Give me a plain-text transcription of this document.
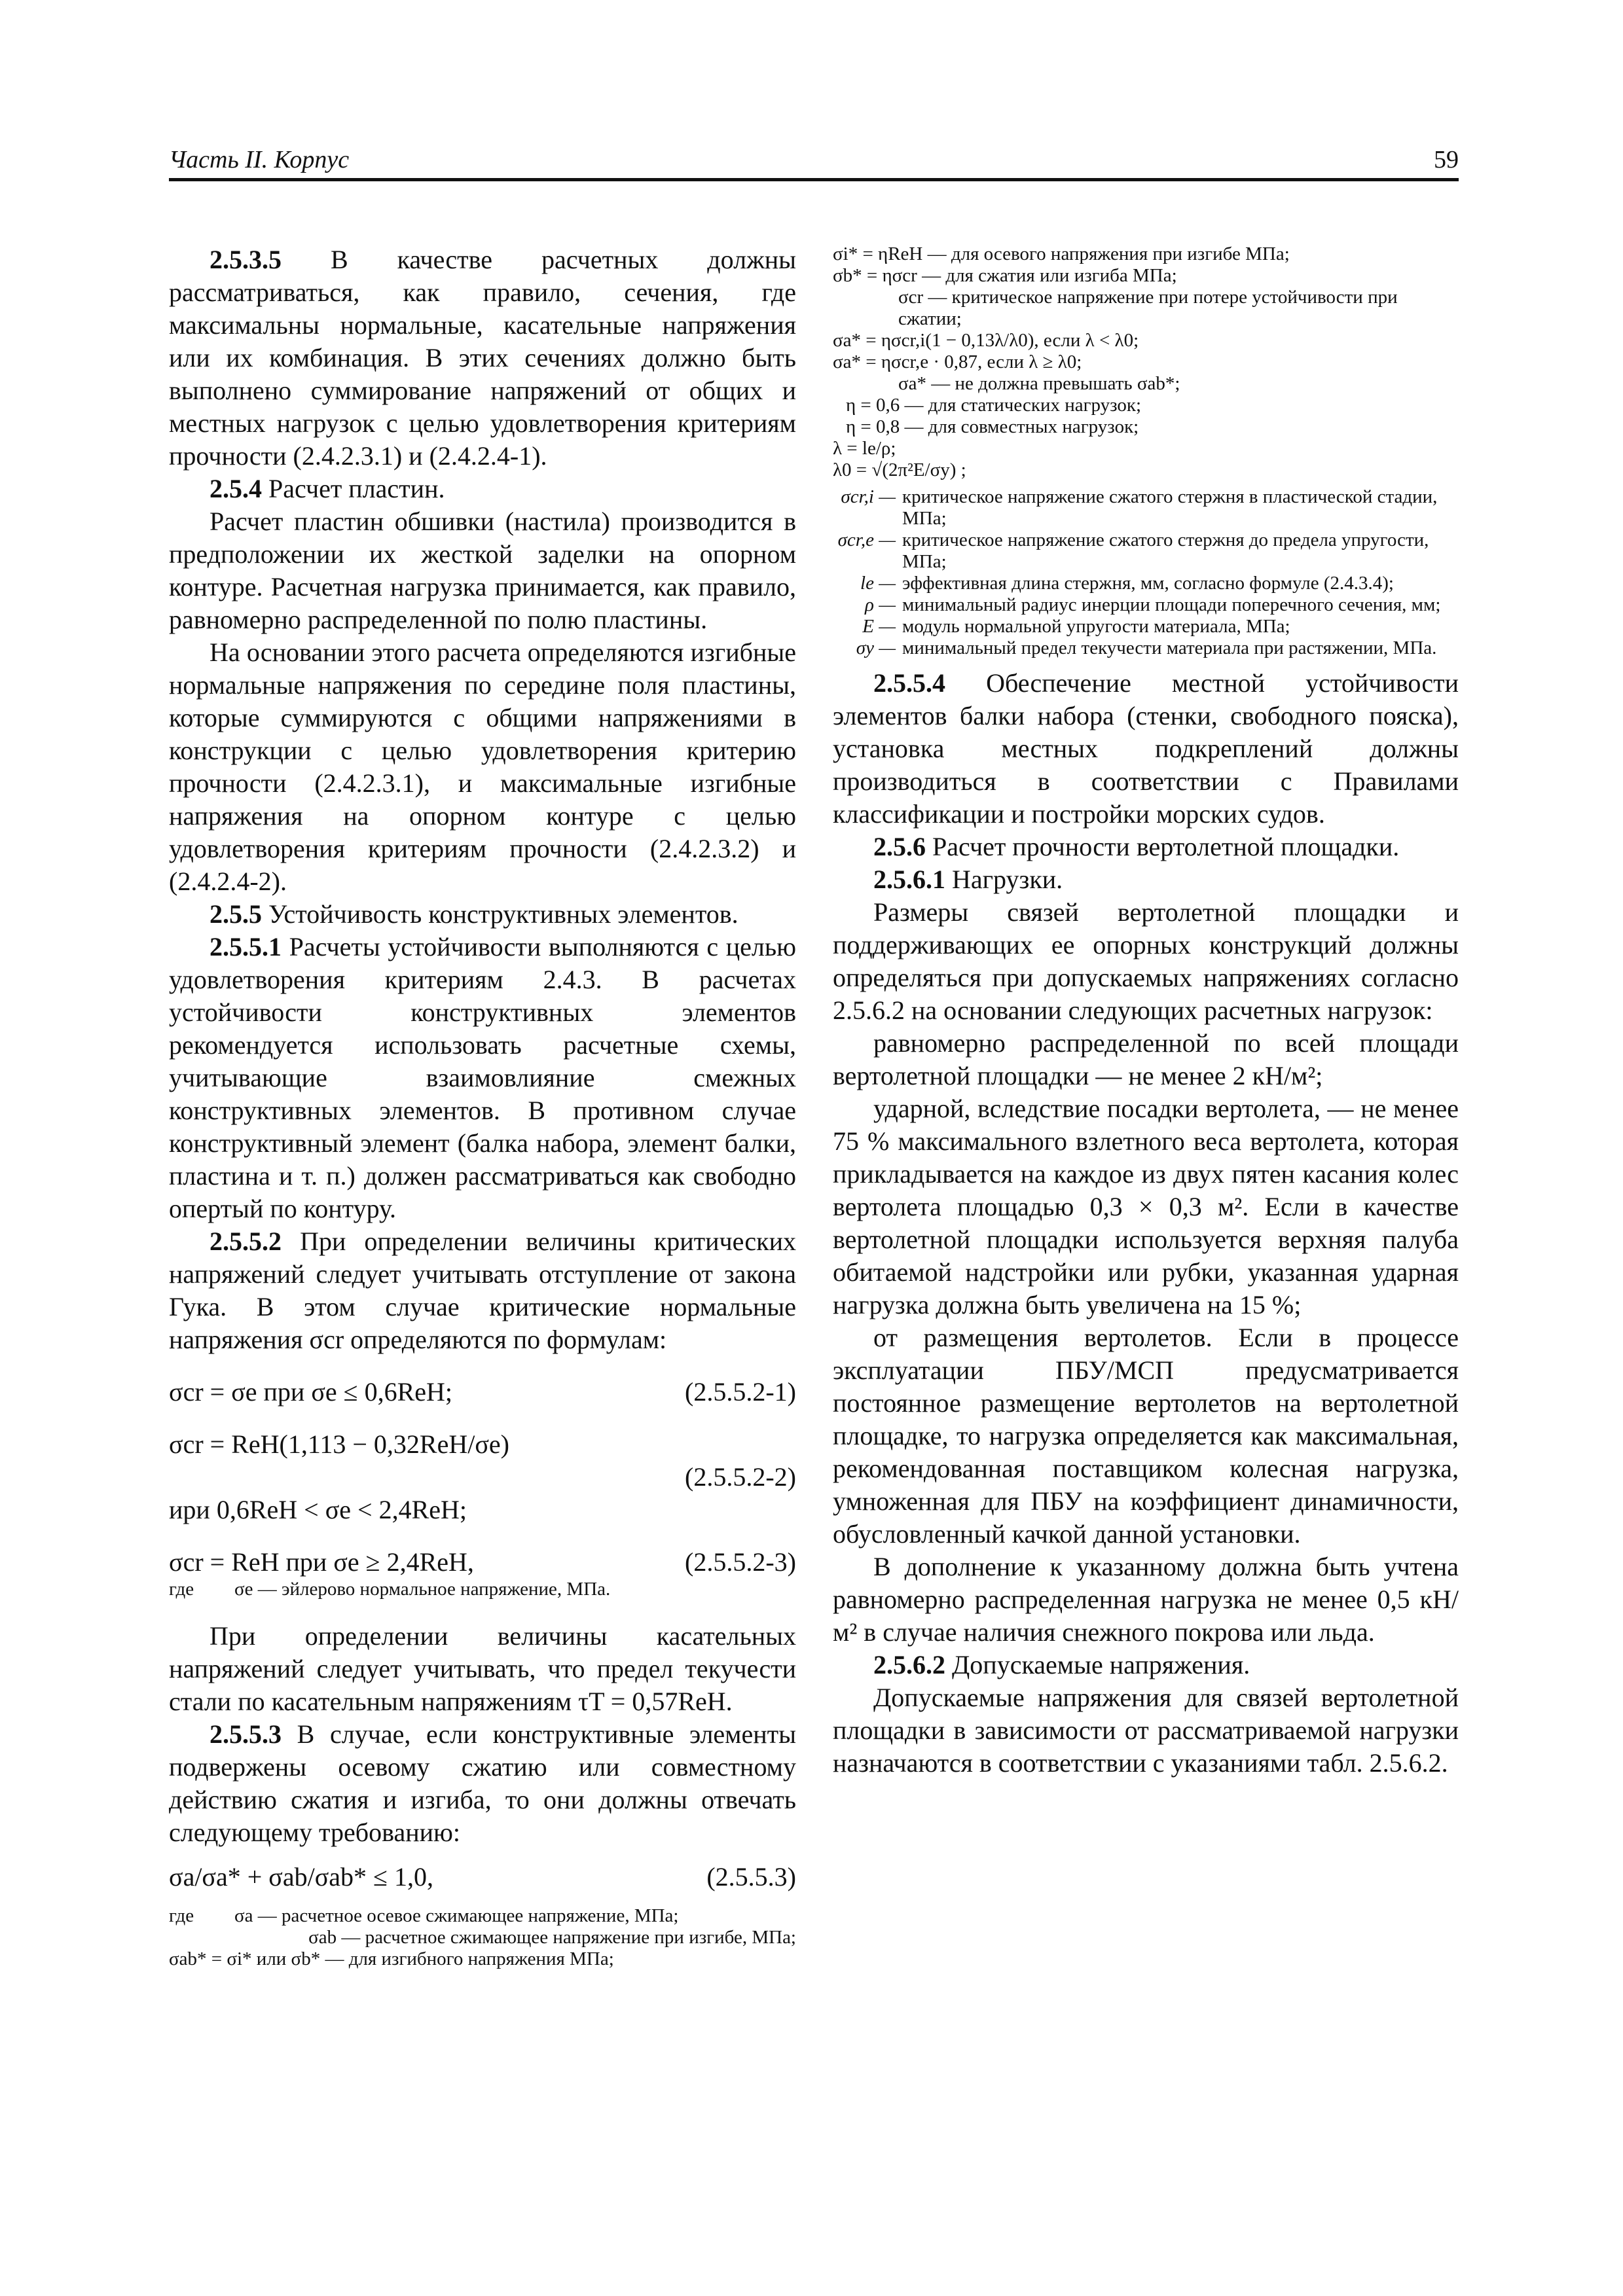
Часть II. Корпус	59

2.5.3.5 В качестве расчетных должны рассматриваться, как правило, сечения, где максимальны нормальные, касательные напряжения или их комбинация. В этих сечениях должно быть выполнено суммирование напряжений от общих и местных нагрузок с целью удовлетворения критериям прочности (2.4.2.3.1) и (2.4.2.4-1).

2.5.4 Расчет пластин.

Расчет пластин обшивки (настила) производится в предположении их жесткой заделки на опорном контуре. Расчетная нагрузка принимается, как правило, равномерно распределенной по полю пластины.

На основании этого расчета определяются изгибные нормальные напряжения по середине поля пластины, которые суммируются с общими напряжениями в конструкции с целью удовлетворения критерию прочности (2.4.2.3.1), и максимальные изгибные напряжения на опорном контуре с целью удовлетворения критериям прочности (2.4.2.3.2) и (2.4.2.4-2).

2.5.5 Устойчивость конструктивных элементов.

2.5.5.1 Расчеты устойчивости выполняются с целью удовлетворения критериям 2.4.3. В расчетах устойчивости конструктивных элементов рекомендуется использовать расчетные схемы, учитывающие взаимовлияние смежных конструктивных элементов. В противном случае конструктивный элемент (балка набора, элемент балки, пластина и т. п.) должен рассматриваться как свободно опертый по контуру.

2.5.5.2 При определении величины критических напряжений следует учитывать отступление от закона Гука. В этом случае критические нормальные напряжения σcr определяются по формулам:

σcr = σe при σe ≤ 0,6ReH;	(2.5.5.2-1)
σcr = ReH(1,113 − 0,32ReH/σe)
(2.5.5.2-2)
ири 0,6ReH < σe < 2,4ReH;
σcr = ReH при σe ≥ 2,4ReH,	(2.5.5.2-3)
где	σe — эйлерово нормальное напряжение, МПа.

При определении величины касательных напряжений следует учитывать, что предел текучести стали по касательным напряжениям τT = 0,57ReH.

2.5.5.3 В случае, если конструктивные элементы подвержены осевому сжатию или совместному действию сжатия и изгиба, то они должны отвечать следующему требованию:

σa/σa* + σab/σab* ≤ 1,0,	(2.5.5.3)
где	σa — расчетное осевое сжимающее напряжение, МПа;
σab — расчетное сжимающее напряжение при изгибе, МПа;
σab* = σi* или σb* — для изгибного напряжения МПа;
σi* = ηReH — для осевого напряжения при изгибе МПа;
σb* = ησcr — для сжатия или изгиба МПа;
σcr — критическое напряжение при потере устойчивости при сжатии;
σa* = ησcr,i(1 − 0,13λ/λ0), если λ < λ0;
σa* = ησcr,e · 0,87, если λ ≥ λ0;
σa* — не должна превышать σab*;
η = 0,6 — для статических нагрузок;
η = 0,8 — для совместных нагрузок;
λ = le/ρ;
λ0 = √(2π²E/σy) ;
σcr,i — критическое напряжение сжатого стержня в пластической стадии, МПа;
σcr,e — критическое напряжение сжатого стержня до предела упругости, МПа;
le — эффективная длина стержня, мм, согласно формуле (2.4.3.4);
ρ — минимальный радиус инерции площади поперечного сечения, мм;
E — модуль нормальной упругости материала, МПа;
σy — минимальный предел текучести материала при растяжении, МПа.

2.5.5.4 Обеспечение местной устойчивости элементов балки набора (стенки, свободного пояска), установка местных подкреплений должны производиться в соответствии с Правилами классификации и постройки морских судов.

2.5.6 Расчет прочности вертолетной площадки.

2.5.6.1 Нагрузки.

Размеры связей вертолетной площадки и поддерживающих ее опорных конструкций должны определяться при допускаемых напряжениях согласно 2.5.6.2 на основании следующих расчетных нагрузок:

равномерно распределенной по всей площади вертолетной площадки — не менее 2 кН/м²;

ударной, вследствие посадки вертолета, — не менее 75 % максимального взлетного веса вертолета, которая прикладывается на каждое из двух пятен касания колес вертолета площадью 0,3 × 0,3 м². Если в качестве вертолетной площадки используется верхняя палуба обитаемой надстройки или рубки, указанная ударная нагрузка должна быть увеличена на 15 %;

от размещения вертолетов. Если в процессе эксплуатации ПБУ/МСП предусматривается постоянное размещение вертолетов на вертолетной площадке, то нагрузка определяется как максимальная, рекомендованная поставщиком колесная нагрузка, умноженная для ПБУ на коэффициент динамичности, обусловленный качкой данной установки.

В дополнение к указанному должна быть учтена равномерно распределенная нагрузка не менее 0,5 кН/м² в случае наличия снежного покрова или льда.

2.5.6.2 Допускаемые напряжения.

Допускаемые напряжения для связей вертолетной площадки в зависимости от рассматриваемой нагрузки назначаются в соответствии с указаниями табл. 2.5.6.2.
